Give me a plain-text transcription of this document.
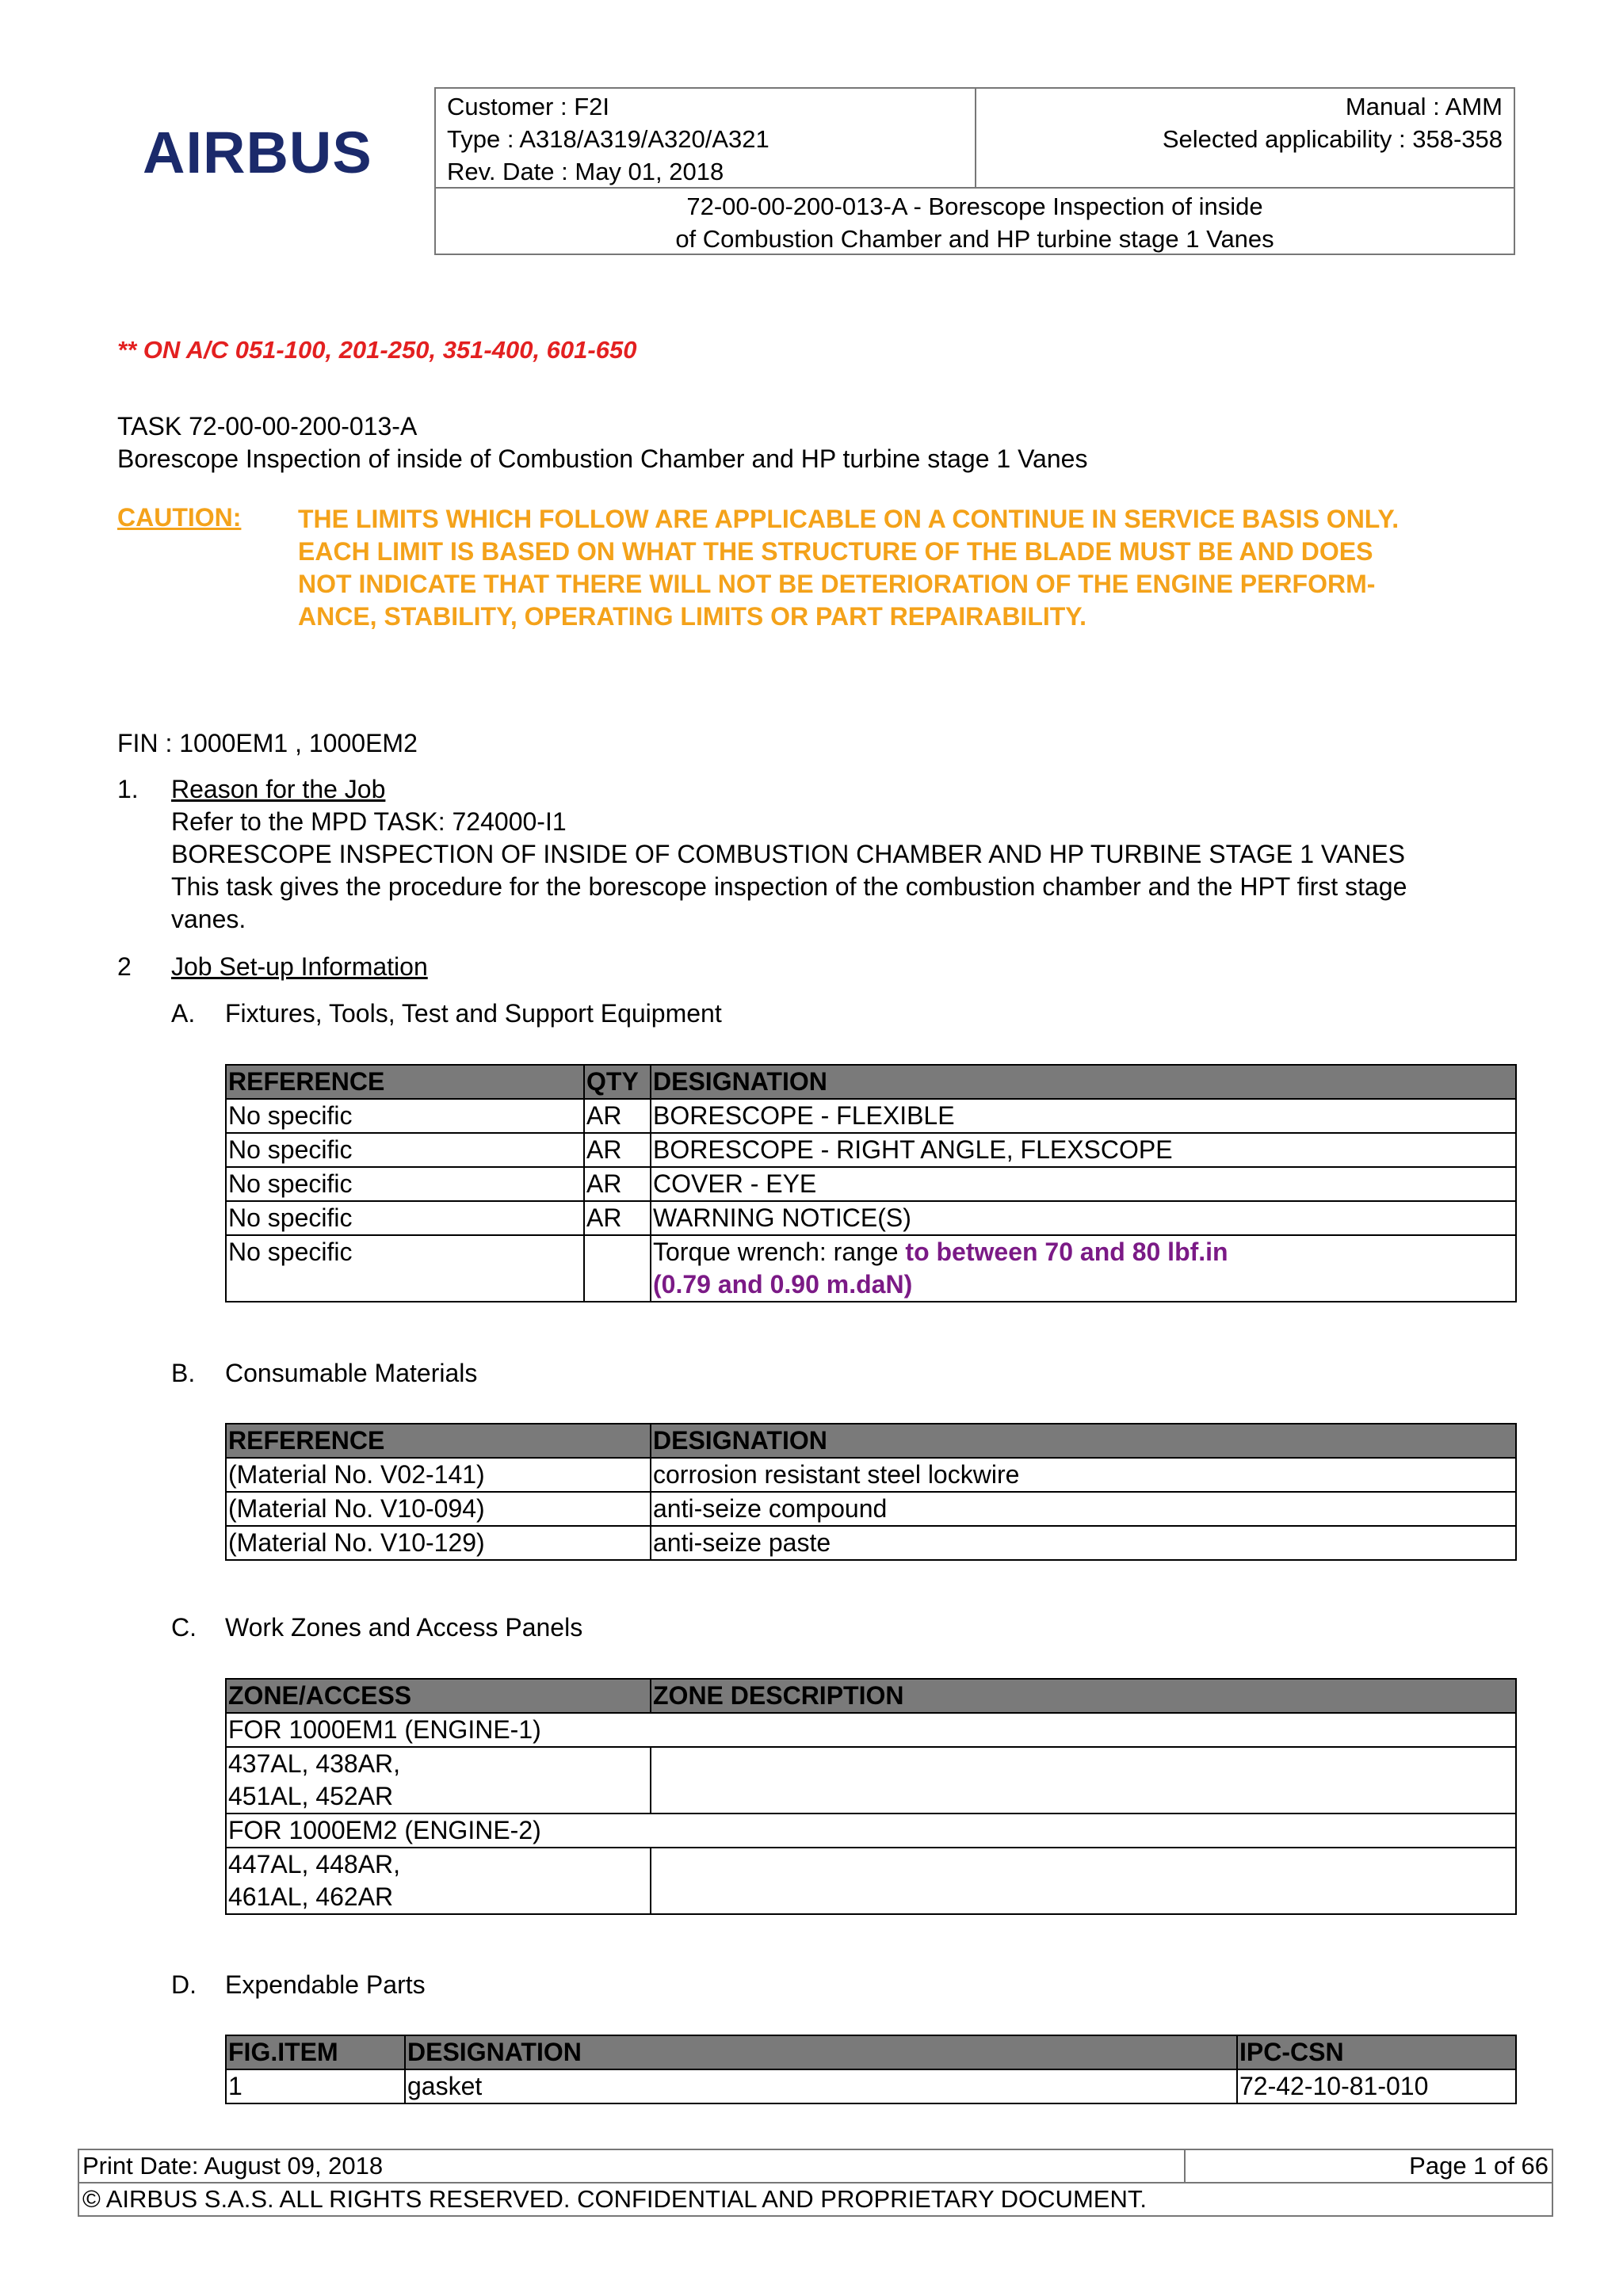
AIRBUS
Customer : F2I
Type : A318/A319/A320/A321
Rev. Date : May 01, 2018
Manual : AMM
Selected applicability : 358-358
72-00-00-200-013-A - Borescope Inspection of inside
of Combustion Chamber and HP turbine stage 1 Vanes
** ON A/C 051-100, 201-250, 351-400, 601-650
TASK 72-00-00-200-013-A
Borescope Inspection of inside of Combustion Chamber and HP turbine stage 1 Vanes
CAUTION: THE LIMITS WHICH FOLLOW ARE APPLICABLE ON A CONTINUE IN SERVICE BASIS ONLY.
EACH LIMIT IS BASED ON WHAT THE STRUCTURE OF THE BLADE MUST BE AND DOES
NOT INDICATE THAT THERE WILL NOT BE DETERIORATION OF THE ENGINE PERFORM-
ANCE, STABILITY, OPERATING LIMITS OR PART REPAIRABILITY.
FIN : 1000EM1 , 1000EM2
1. Reason for the Job
Refer to the MPD TASK: 724000-I1
BORESCOPE INSPECTION OF INSIDE OF COMBUSTION CHAMBER AND HP TURBINE STAGE 1 VANES
This task gives the procedure for the borescope inspection of the combustion chamber and the HPT first stage
vanes.
2 Job Set-up Information
A. Fixtures, Tools, Test and Support Equipment
REFERENCE	QTY	DESIGNATION
No specific	AR	BORESCOPE - FLEXIBLE
No specific	AR	BORESCOPE - RIGHT ANGLE, FLEXSCOPE
No specific	AR	COVER - EYE
No specific	AR	WARNING NOTICE(S)
No specific		Torque wrench: range to between 70 and 80 lbf.in
(0.79 and 0.90 m.daN)
B. Consumable Materials
REFERENCE	DESIGNATION
(Material No. V02-141)	corrosion resistant steel lockwire
(Material No. V10-094)	anti-seize compound
(Material No. V10-129)	anti-seize paste
C. Work Zones and Access Panels
ZONE/ACCESS	ZONE DESCRIPTION
FOR 1000EM1 (ENGINE-1)	

437AL, 438AR,
451AL, 452AR	

FOR 1000EM2 (ENGINE-2)	

447AL, 448AR,
461AL, 462AR	

D. Expendable Parts
FIG.ITEM	DESIGNATION	IPC-CSN
1	gasket	72-42-10-81-010
Print Date: August 09, 2018	Page 1 of 66
© AIRBUS S.A.S. ALL RIGHTS RESERVED. CONFIDENTIAL AND PROPRIETARY DOCUMENT.
